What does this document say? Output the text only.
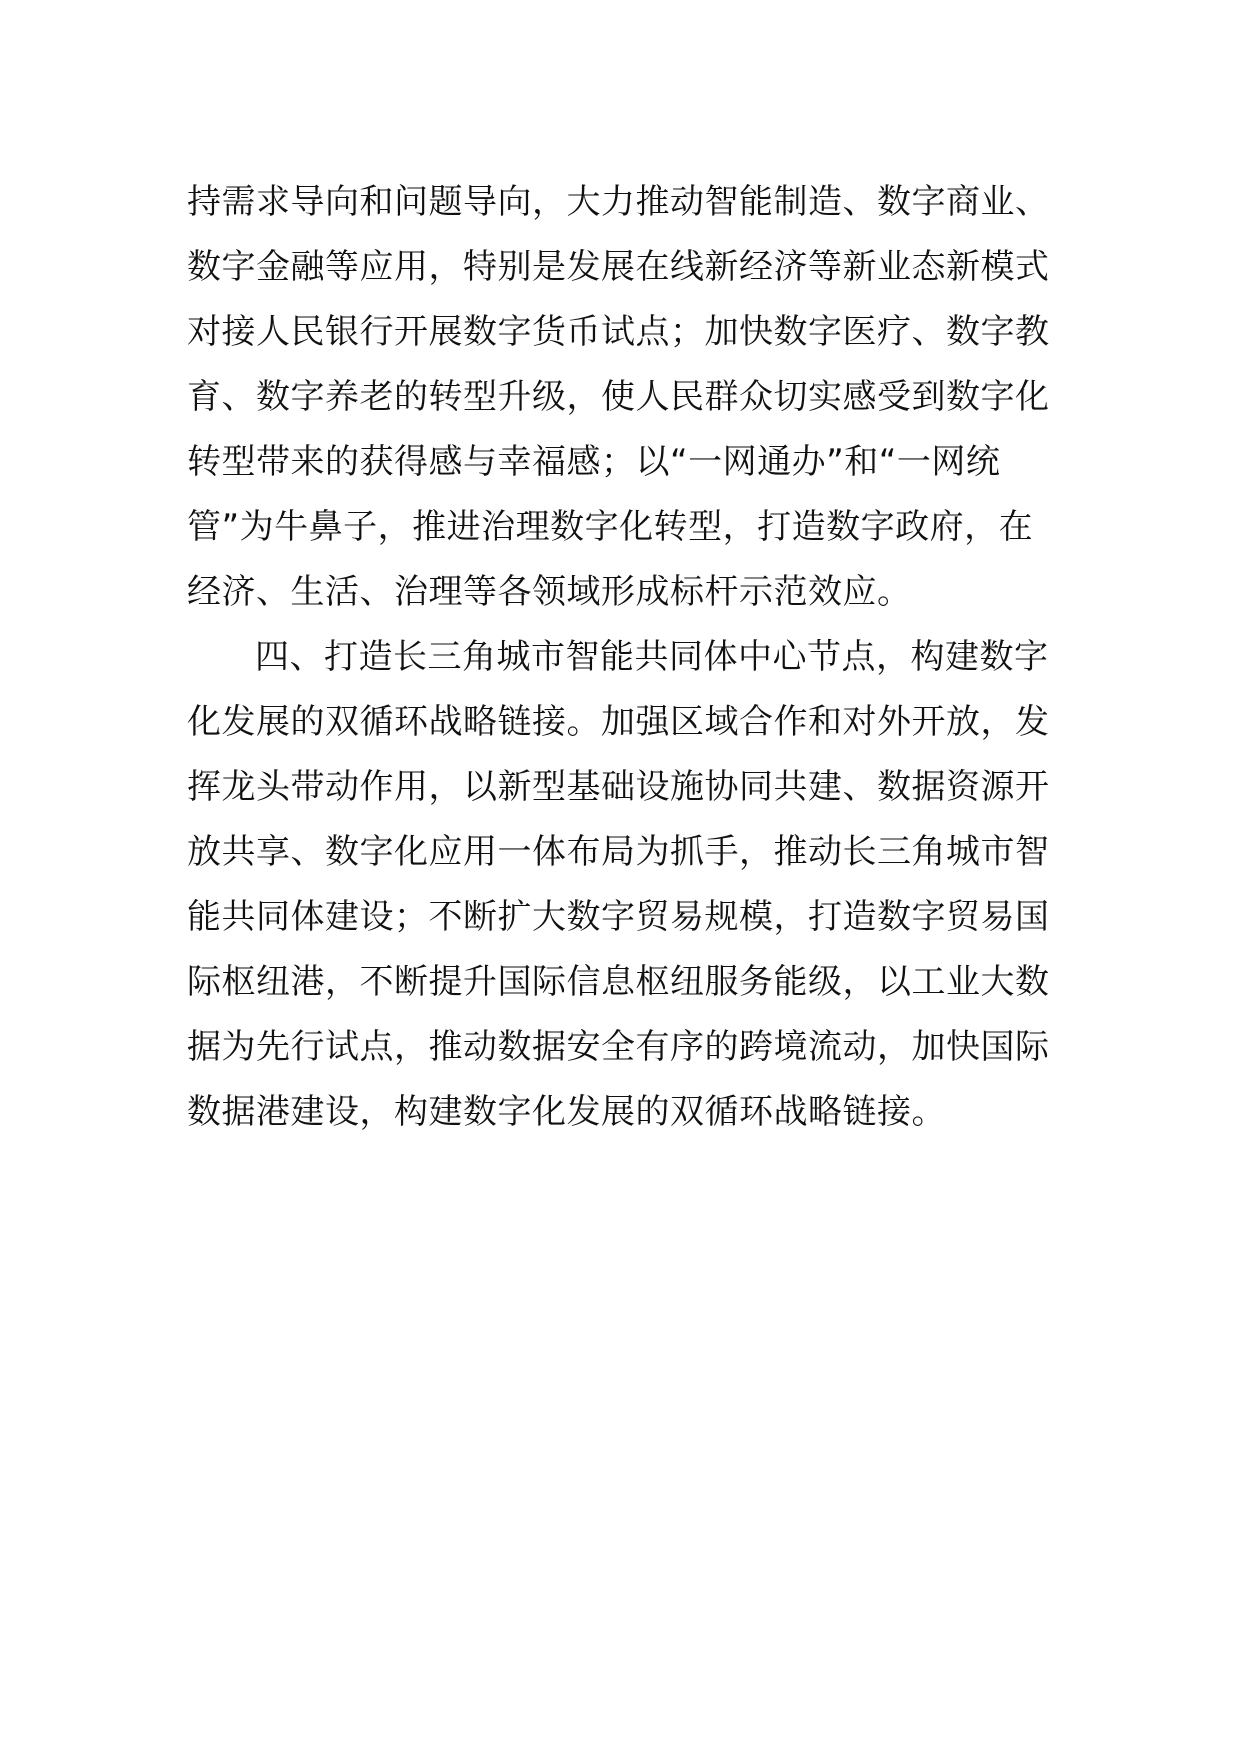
持需求导向和问题导向，大力推动智能制造、数字商业、
数字金融等应用，特别是发展在线新经济等新业态新模式
对接人民银行开展数字货币试点；加快数字医疗、数字教
育、数字养老的转型升级，使人民群众切实感受到数字化
转型带来的获得感与幸福感；以“一网通办”和“一网统
管”为牛鼻子，推进治理数字化转型，打造数字政府，在
经济、生活、治理等各领域形成标杆示范效应。
四、打造长三角城市智能共同体中心节点，构建数字
化发展的双循环战略链接。加强区域合作和对外开放，发
挥龙头带动作用，以新型基础设施协同共建、数据资源开
放共享、数字化应用一体布局为抓手，推动长三角城市智
能共同体建设；不断扩大数字贸易规模，打造数字贸易国
际枢纽港，不断提升国际信息枢纽服务能级，以工业大数
据为先行试点，推动数据安全有序的跨境流动，加快国际
数据港建设，构建数字化发展的双循环战略链接。
